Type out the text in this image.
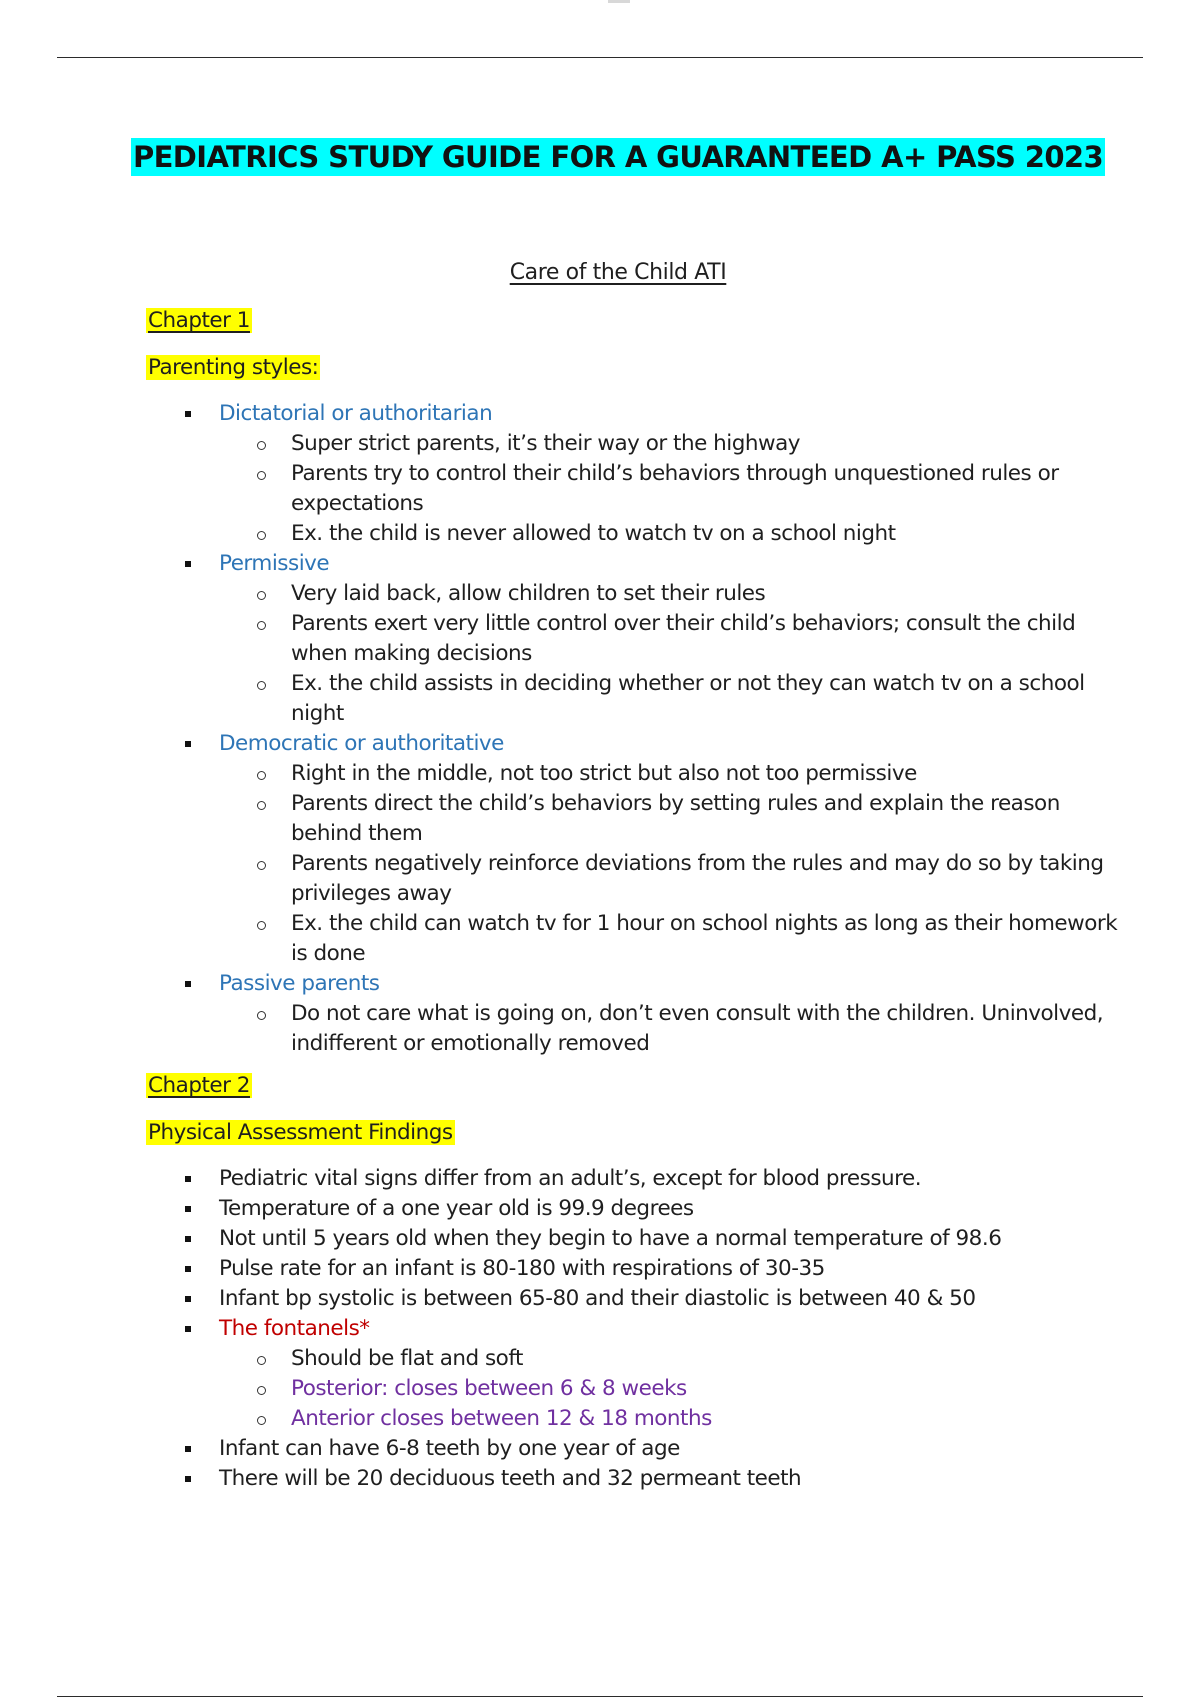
PEDIATRICS STUDY GUIDE FOR A GUARANTEED A+ PASS 2023
Care of the Child ATI
Chapter 1
Parenting styles:
Dictatorial or authoritarian
Super strict parents, it’s their way or the highway
Parents try to control their child’s behaviors through unquestioned rules or expectations
Ex. the child is never allowed to watch tv on a school night
Permissive
Very laid back, allow children to set their rules
Parents exert very little control over their child’s behaviors; consult the child when making decisions
Ex. the child assists in deciding whether or not they can watch tv on a school night
Democratic or authoritative
Right in the middle, not too strict but also not too permissive
Parents direct the child’s behaviors by setting rules and explain the reason behind them
Parents negatively reinforce deviations from the rules and may do so by taking privileges away
Ex. the child can watch tv for 1 hour on school nights as long as their homework is done
Passive parents
Do not care what is going on, don’t even consult with the children. Uninvolved, indifferent or emotionally removed
Chapter 2
Physical Assessment Findings
Pediatric vital signs differ from an adult’s, except for blood pressure.
Temperature of a one year old is 99.9 degrees
Not until 5 years old when they begin to have a normal temperature of 98.6
Pulse rate for an infant is 80-180 with respirations of 30-35
Infant bp systolic is between 65-80 and their diastolic is between 40 & 50
The fontanels*
Should be flat and soft
Posterior: closes between 6 & 8 weeks
Anterior closes between 12 & 18 months
Infant can have 6-8 teeth by one year of age
There will be 20 deciduous teeth and 32 permeant teeth
